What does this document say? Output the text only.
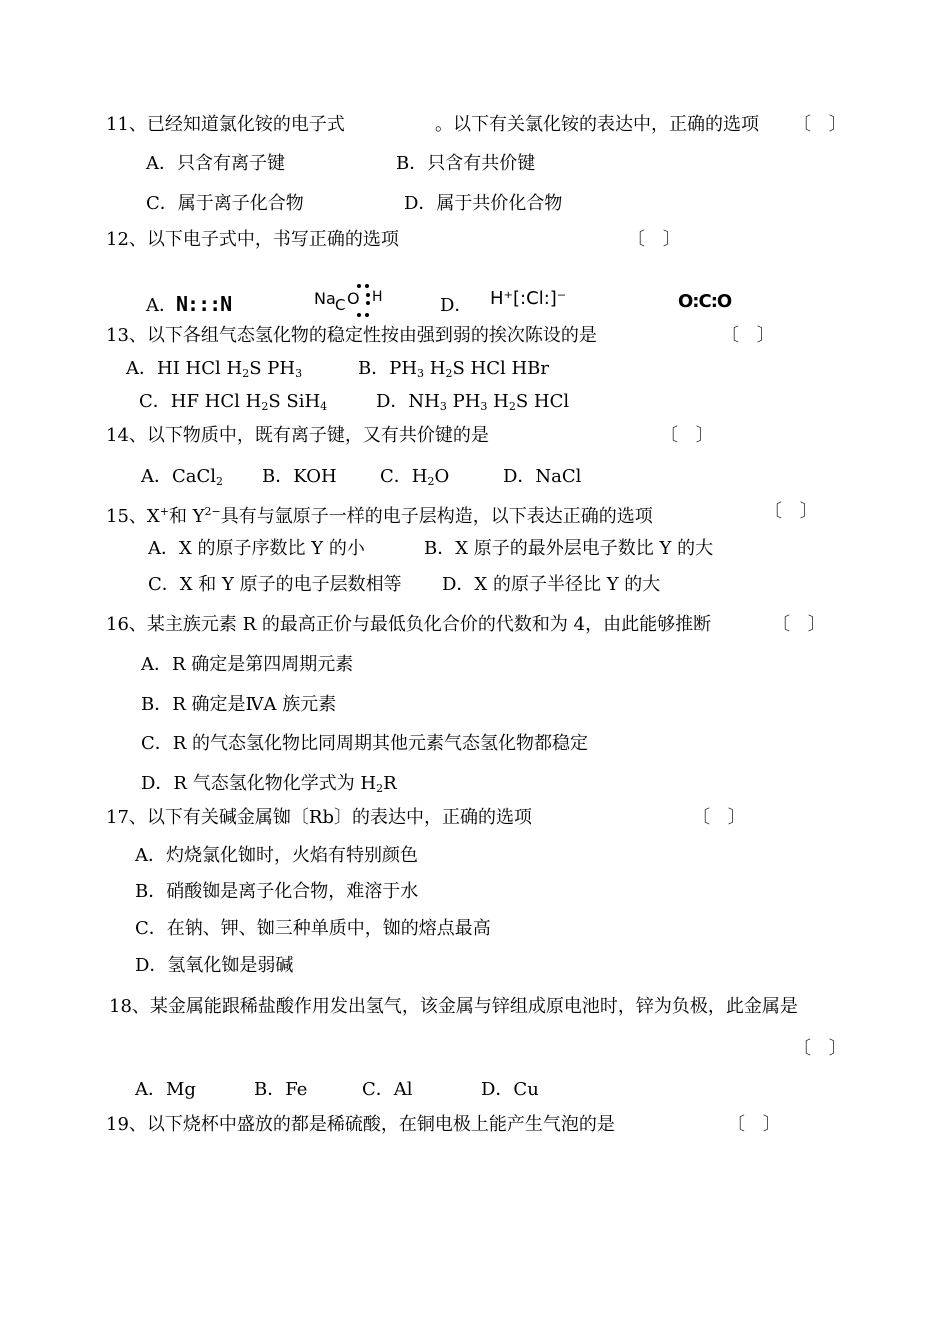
11、已经知道氯化铵的电子式	。以下有关氯化铵的表达中，正确的选项 〔 〕
A．只含有离子键	B．只含有共价键
C．属于离子化合物	D．属于共价化合物
12、以下电子式中，书写正确的选项	〔 〕
A． N:::N	Na C O H	D． H⁺[:Cl:]⁻	O:C:O
13、以下各组气态氢化物的稳定性按由强到弱的挨次陈设的是	〔 〕
A．HI HCl $H_2S$ $PH_3$	B．$PH_3$ $H_2S$ HCl HBr
C．HF HCl $H_2S$ SiH$_4$	D．$NH_3$ $PH_3$ $H_2S$ HCl
14、以下物质中，既有离子键，又有共价键的是	〔 〕
A．CaCl$_2$ B．KOH C．$H_2O$	D．NaCl
15、X+和 $Y^{2-}$具有与氩原子一样的电子层构造，以下表达正确的选项	〔 〕
A．X 的原子序数比 Y 的小	B．X 原子的最外层电子数比 Y 的大
C．X 和 Y 原子的电子层数相等 D．X 的原子半径比 Y 的大
16、某主族元素 R 的最高正价与最低负化合价的代数和为 4，由此能够推断	〔 〕
A．R 确定是第四周期元素
B．R 确定是ⅣA 族元素
C．R 的气态氢化物比同周期其他元素气态氢化物都稳定
D．R 气态氢化物化学式为 $H_2R$
17、以下有关碱金属铷〔Rb〕的表达中，正确的选项	〔 〕
A．灼烧氯化铷时，火焰有特别颜色
B．硝酸铷是离子化合物，难溶于水
C．在钠、钾、铷三种单质中，铷的熔点最高
D．氢氧化铷是弱碱
18、某金属能跟稀盐酸作用发出氢气，该金属与锌组成原电池时，锌为负极，此金属是
〔 〕
A．Mg	B．Fe	C．Al	D．Cu
19、以下烧杯中盛放的都是稀硫酸，在铜电极上能产生气泡的是	〔 〕
